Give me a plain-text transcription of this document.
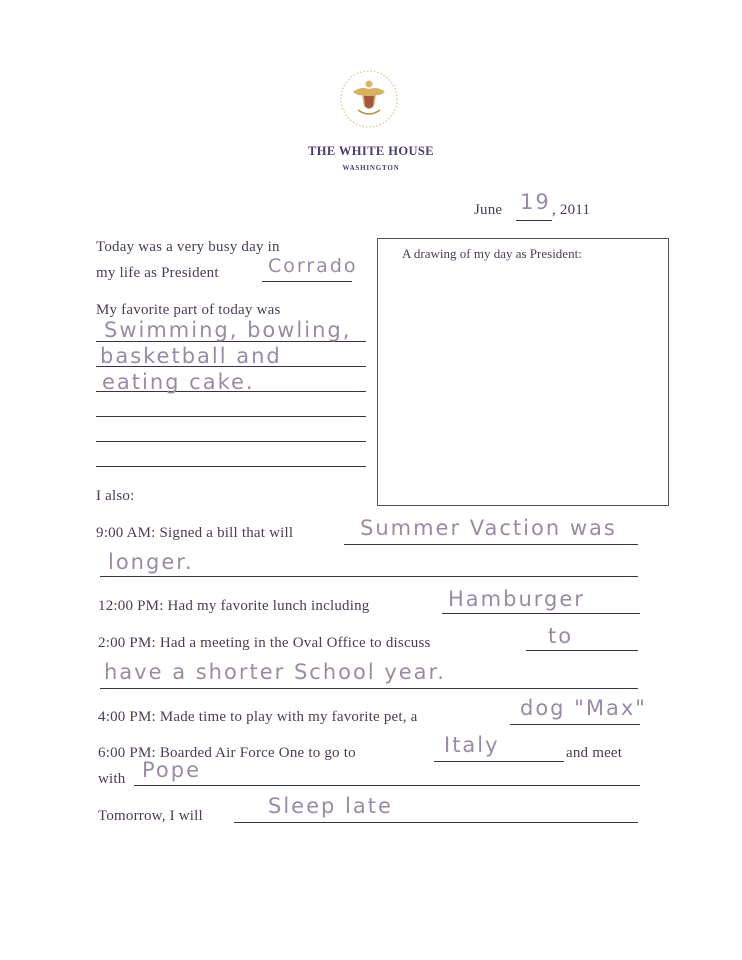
THE WHITE HOUSE
WASHINGTON
June 19 , 2011
Today was a very busy day in
my life as President	Corrado
My favorite part of today was
Swimming, bowling,
basketball and
eating cake.
A drawing of my day as President:
I also:
9:00 AM: Signed a bill that will	Summer Vaction was
longer.
12:00 PM: Had my favorite lunch including	Hamburger
2:00 PM: Had a meeting in the Oval Office to discuss	to
have a shorter School year.
4:00 PM: Made time to play with my favorite pet, a	dog "Max"
6:00 PM: Boarded Air Force One to go to	Italy	and meet
with Pope
Tomorrow, I will	Sleep late
